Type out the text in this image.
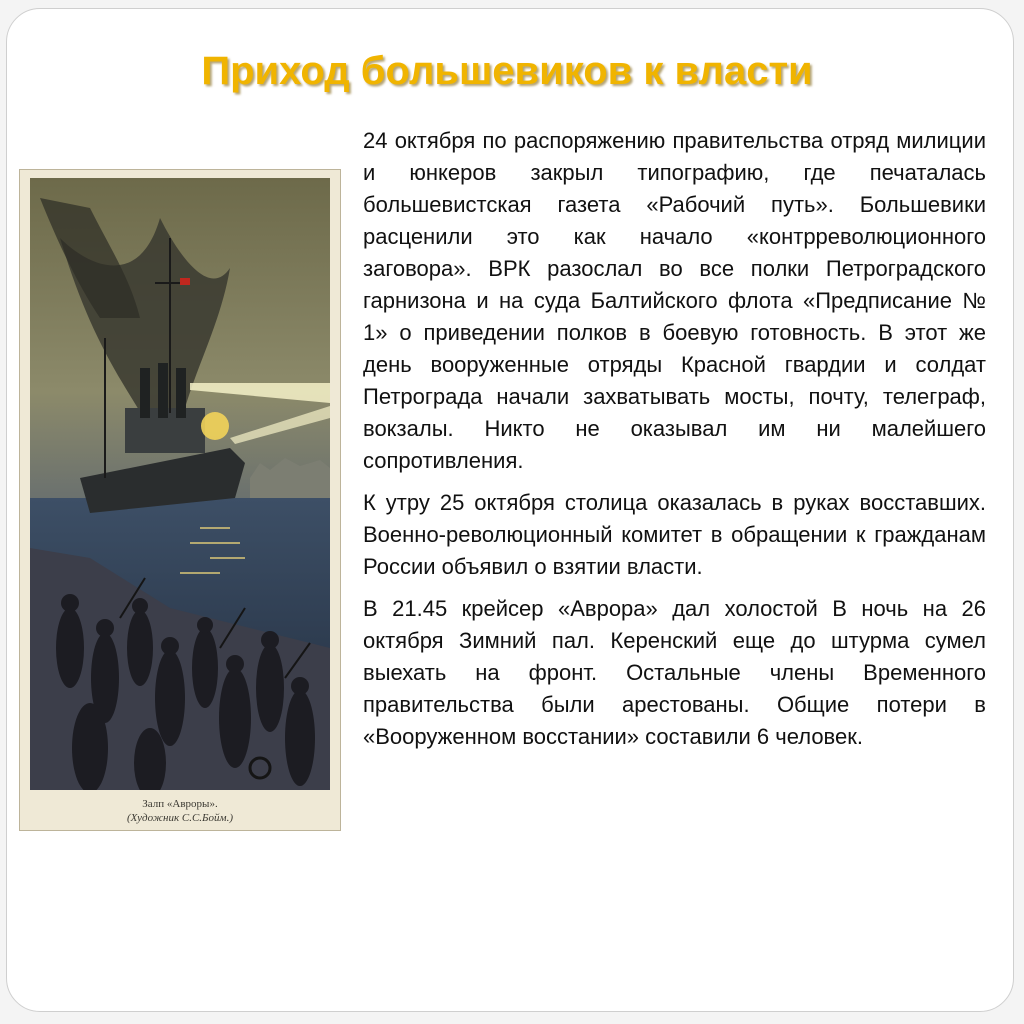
Приход большевиков к власти
Залп «Авроры».
(Художник С.С.Бойм.)

24 октября по распоряжению правительства отряд милиции и юнкеров закрыл типографию, где печаталась большевистская газета «Рабочий путь». Большевики расценили это как начало «контрреволюционного заговора». ВРК разослал во все полки Петроградского гарнизона и на суда Балтийского флота «Предписание № 1» о приведении полков в боевую готовность. В этот же день вооруженные отряды Красной гвардии и солдат Петрограда начали захватывать мосты, почту, телеграф, вокзалы. Никто не оказывал им ни малейшего сопротивления.

К утру 25 октября столица оказалась в руках восставших. Военно-революционный комитет в обращении к гражданам России объявил о взятии власти.

В 21.45 крейсер «Аврора» дал холостой В ночь на 26 октября Зимний пал. Керенский еще до штурма сумел выехать на фронт. Остальные члены Временного правительства были арестованы. Общие потери в «Вооруженном восстании» составили 6 человек.
